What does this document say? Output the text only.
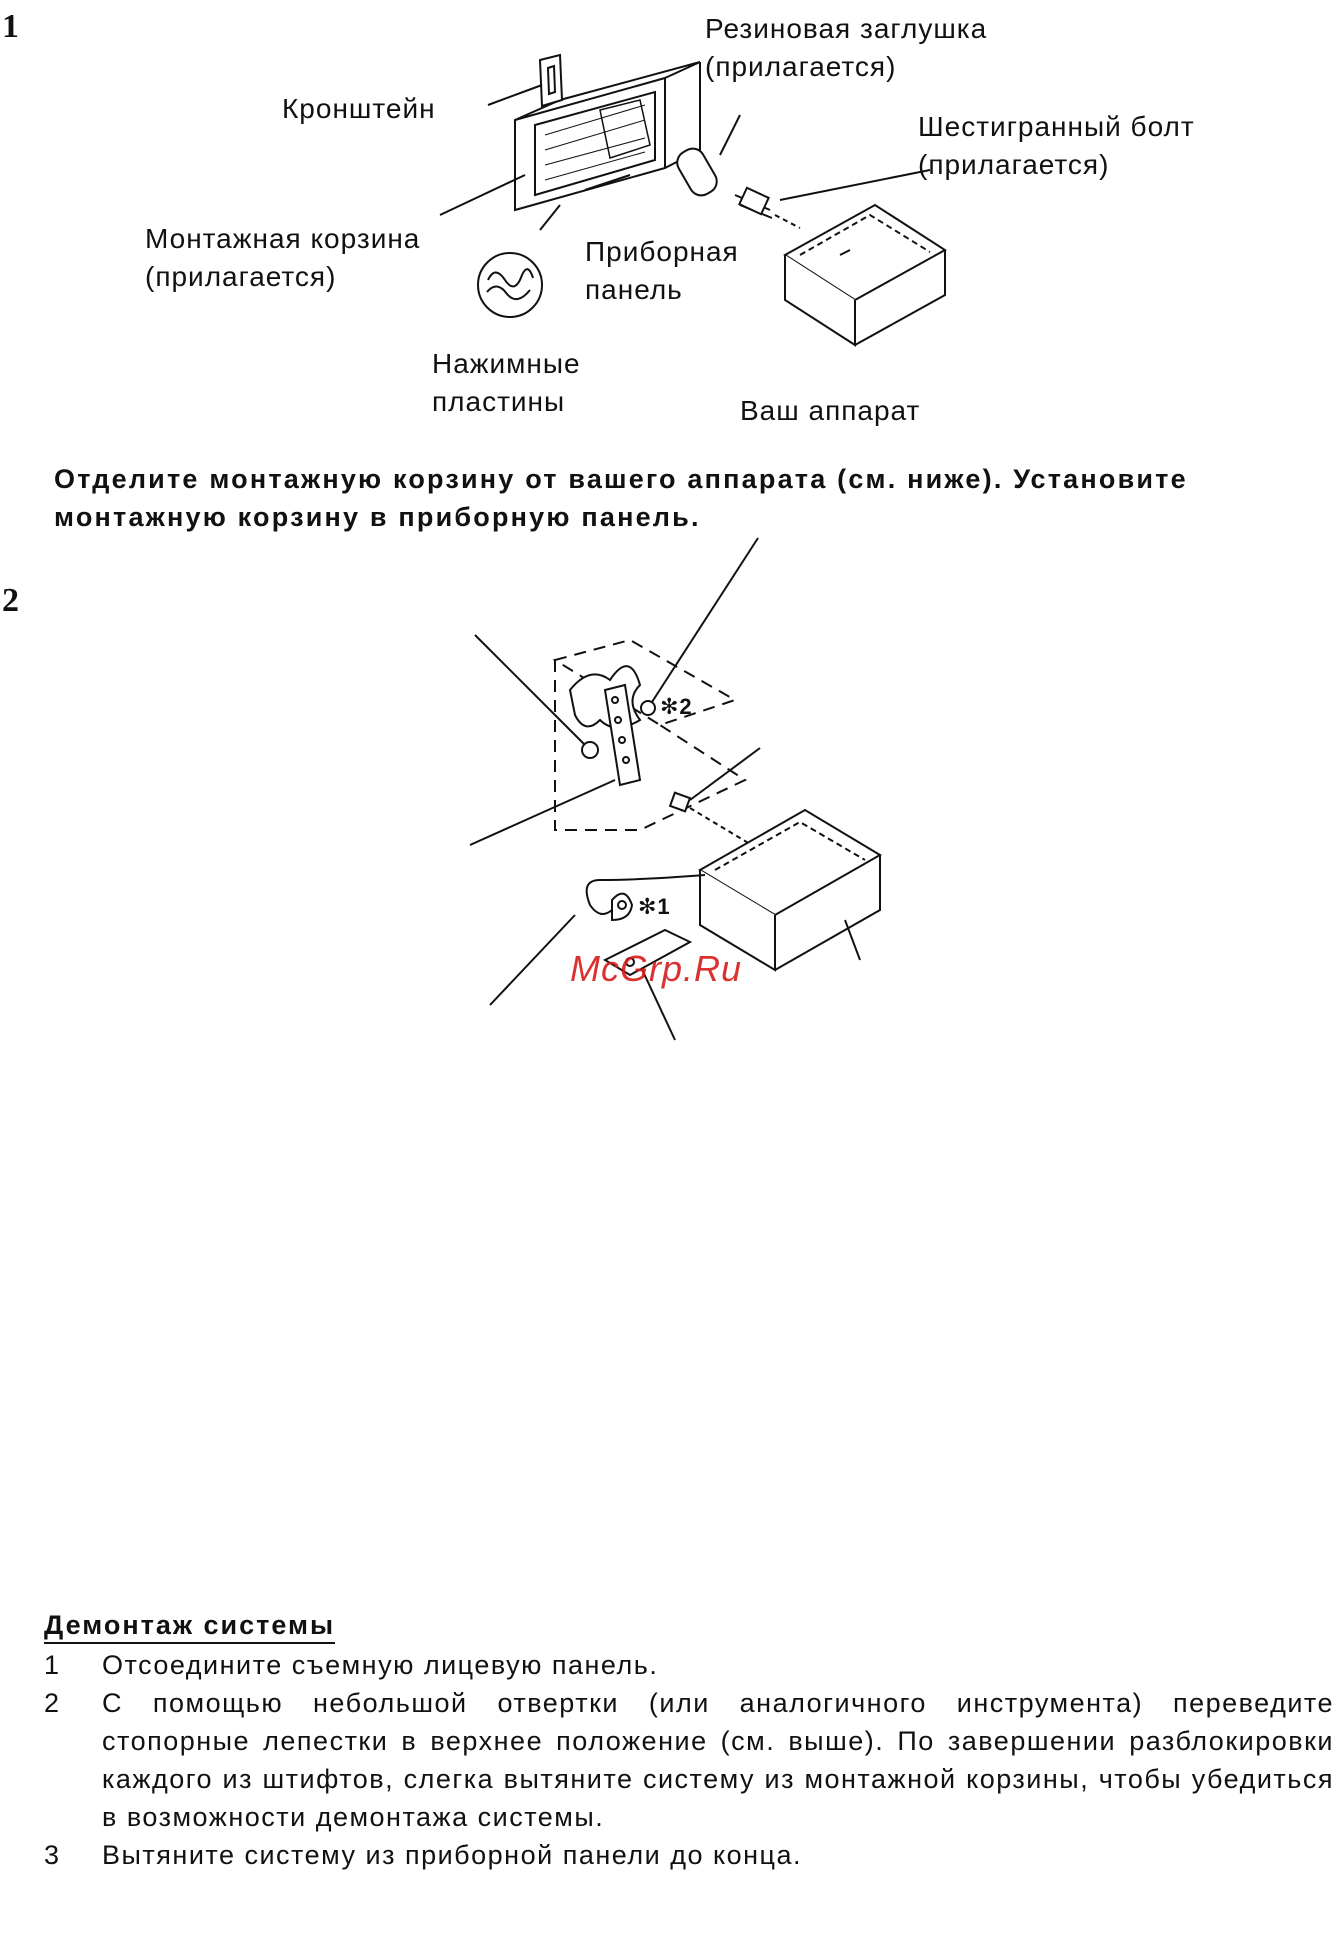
1
2
Кронштейн
Резиновая заглушка
(прилагается)
Шестигранный болт
(прилагается)
Монтажная корзина
(прилагается)
Приборная
панель
Нажимные
пластины	Ваш аппарат
Отделите монтажную корзину от вашего аппарата (см. ниже). Установите
монтажную корзину в приборную панель.
✻2
✻1
McGrp.Ru
Демонтаж системы
1	Отсоедините съемную лицевую панель.
2	С помощью небольшой отвертки (или аналогичного инструмента) переведите стопорные лепестки в верхнее положение (см. выше). По завершении разблокировки каждого из штифтов, слегка вытяните систему из монтажной корзины, чтобы убедиться в возможности демонтажа системы.
3	Вытяните систему из приборной панели до конца.
